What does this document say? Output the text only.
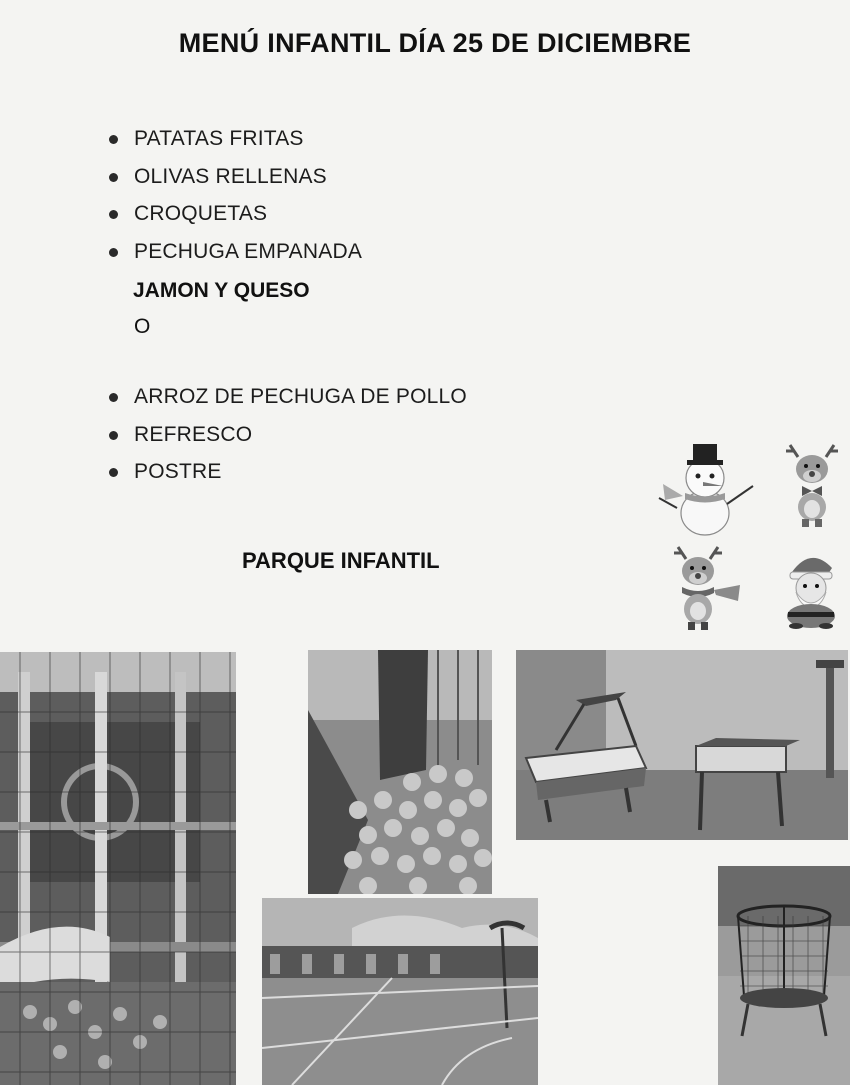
MENÚ INFANTIL DÍA 25 DE DICIEMBRE
PATATAS FRITAS
OLIVAS RELLENAS
CROQUETAS
PECHUGA EMPANADA
JAMON Y QUESO
O
ARROZ DE PECHUGA DE POLLO
REFRESCO
POSTRE
PARQUE INFANTIL
